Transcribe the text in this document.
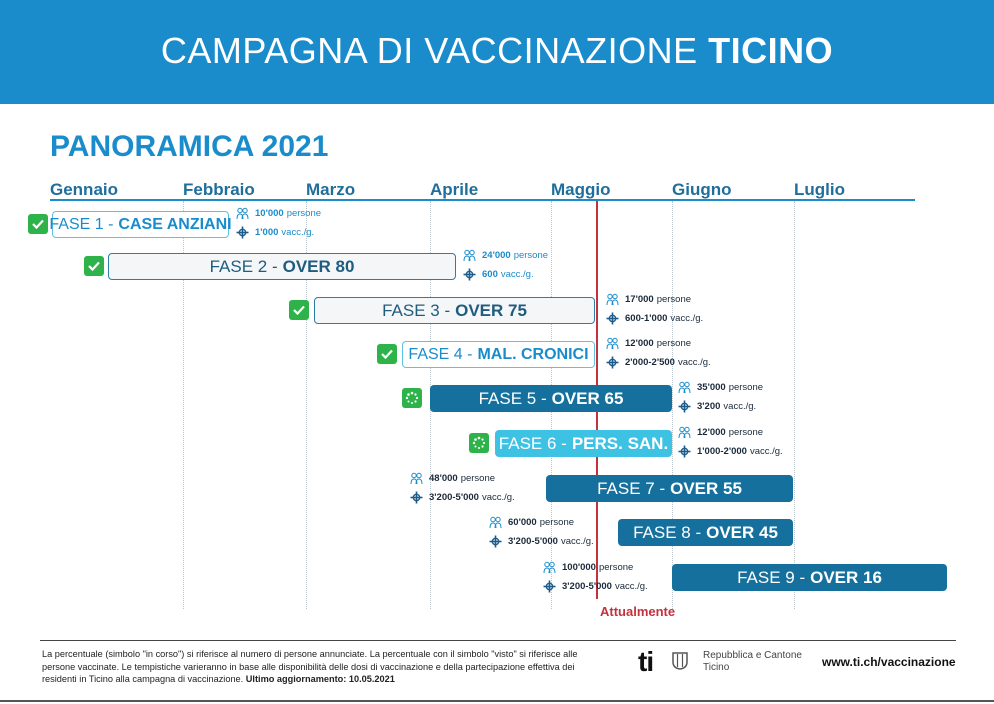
CAMPAGNA DI VACCINAZIONE TICINO
PANORAMICA 2021
Gennaio	Febbraio	Marzo	Aprile	Maggio	Giugno	Luglio
Attualmente
FASE 1 - CASE ANZIANI
10'000 persone
1'000 vacc./g.
FASE 2 - OVER 80
24'000 persone
600 vacc./g.
FASE 3 - OVER 75
17'000 persone
600-1'000 vacc./g.
FASE 4 - MAL. CRONICI
12'000 persone
2'000-2'500 vacc./g.
FASE 5 - OVER 65
35'000 persone
3'200 vacc./g.
FASE 6 - PERS. SAN.
12'000 persone
1'000-2'000 vacc./g.
FASE 7 - OVER 55
48'000 persone
3'200-5'000 vacc./g.
FASE 8 - OVER 45
60'000 persone
3'200-5'000 vacc./g.
FASE 9 - OVER 16
100'000 persone
3'200-5'000 vacc./g.
La percentuale (simbolo "in corso") si riferisce al numero di persone annunciate. La percentuale con il simbolo "visto" si riferisce alle persone vaccinate. Le tempistiche varieranno in base alle disponibilità delle dosi di vaccinazione e della partecipazione effettiva dei residenti in Ticino alla campagna di vaccinazione. Ultimo aggiornamento: 10.05.2021
ti	Repubblica e Cantone Ticino	www.ti.ch/vaccinazione
